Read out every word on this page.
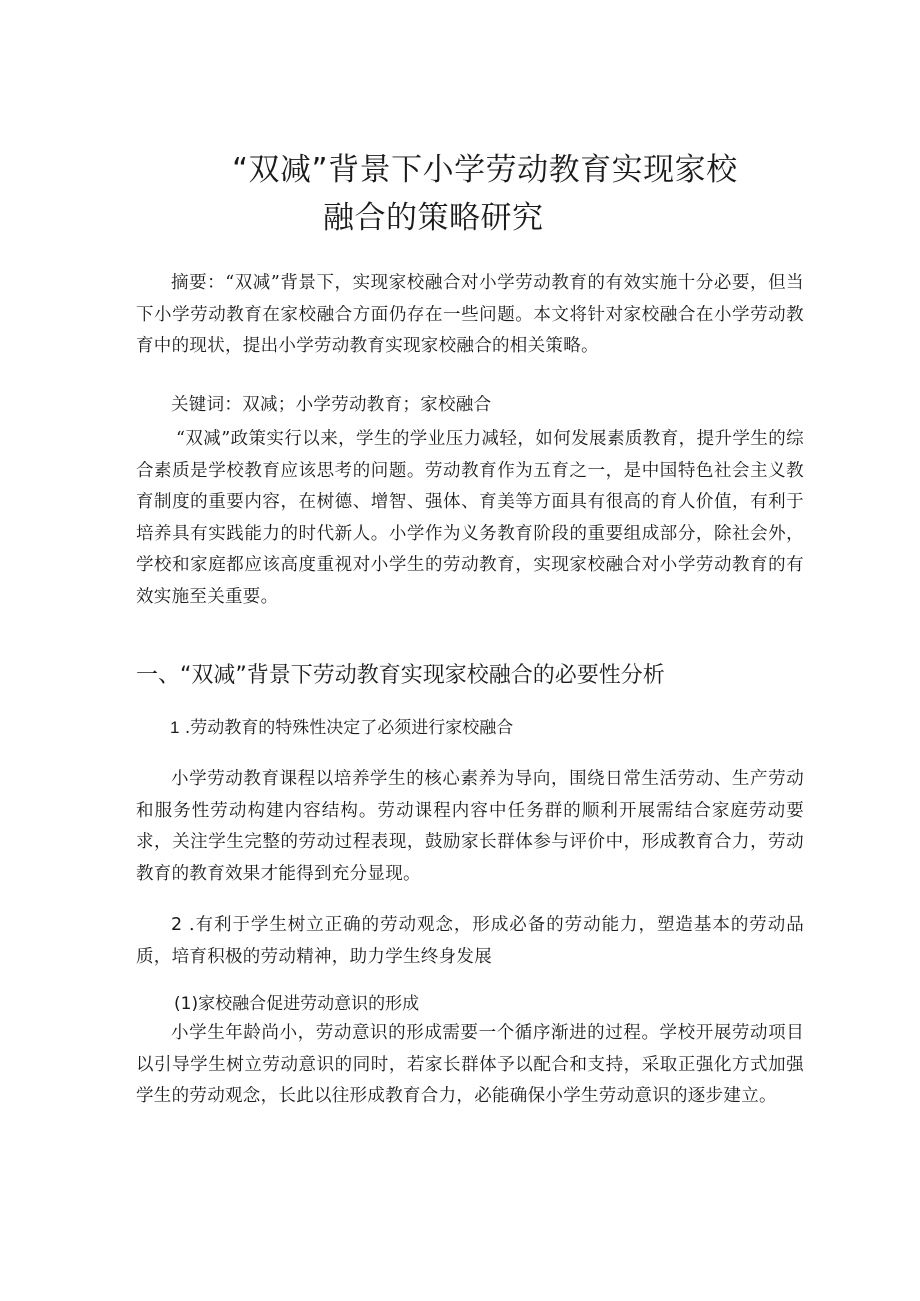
“双减”背景下小学劳动教育实现家校
融合的策略研究

摘要：“双减”背景下，实现家校融合对小学劳动教育的有效实施十分必要，但当下小学劳动教育在家校融合方面仍存在一些问题。本文将针对家校融合在小学劳动教育中的现状，提出小学劳动教育实现家校融合的相关策略。

关键词：双减；小学劳动教育；家校融合

“双减”政策实行以来，学生的学业压力减轻，如何发展素质教育，提升学生的综合素质是学校教育应该思考的问题。劳动教育作为五育之一，是中国特色社会主义教育制度的重要内容，在树德、增智、强体、育美等方面具有很高的育人价值，有利于培养具有实践能力的时代新人。小学作为义务教育阶段的重要组成部分，除社会外，学校和家庭都应该高度重视对小学生的劳动教育，实现家校融合对小学劳动教育的有效实施至关重要。

一、“双减”背景下劳动教育实现家校融合的必要性分析

1 .劳动教育的特殊性决定了必须进行家校融合

小学劳动教育课程以培养学生的核心素养为导向，围绕日常生活劳动、生产劳动和服务性劳动构建内容结构。劳动课程内容中任务群的顺利开展需结合家庭劳动要求，关注学生完整的劳动过程表现，鼓励家长群体参与评价中，形成教育合力，劳动教育的教育效果才能得到充分显现。

2 .有利于学生树立正确的劳动观念，形成必备的劳动能力，塑造基本的劳动品质，培育积极的劳动精神，助力学生终身发展

(1)家校融合促进劳动意识的形成

小学生年龄尚小，劳动意识的形成需要一个循序渐进的过程。学校开展劳动项目以引导学生树立劳动意识的同时，若家长群体予以配合和支持，采取正强化方式加强学生的劳动观念，长此以往形成教育合力，必能确保小学生劳动意识的逐步建立。
